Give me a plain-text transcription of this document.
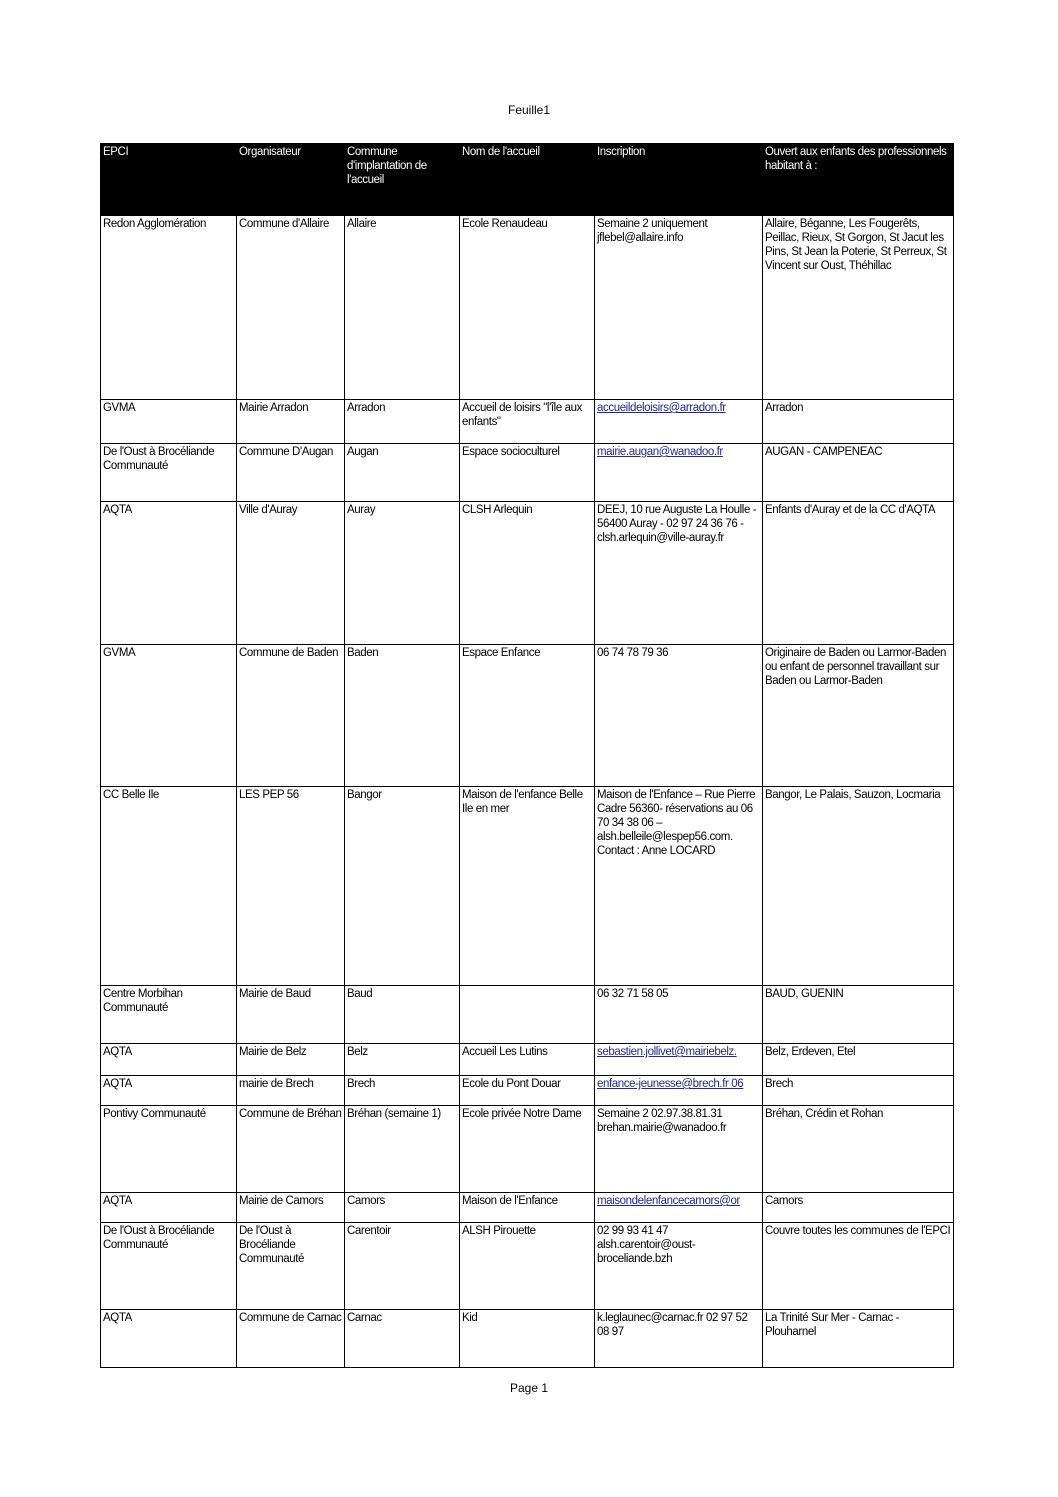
Feuille1
EPCI	Organisateur	Commune d'implantation de l'accueil	Nom de l'accueil	Inscription	Ouvert aux enfants des professionnels habitant à :
Redon Agglomération	Commune d'Allaire	Allaire	Ecole Renaudeau	Semaine 2 uniquement jflebel@allaire.info	Allaire, Béganne, Les Fougerêts, Peillac, Rieux, St Gorgon, St Jacut les Pins, St Jean la Poterie, St Perreux, St Vincent sur Oust, Théhillac
GVMA	Mairie Arradon	Arradon	Accueil de loisirs "l'île aux enfants"	accueildeloisirs@arradon.fr	Arradon
De l'Oust à Brocéliande Communauté	Commune D'Augan	Augan	Espace socioculturel	mairie.augan@wanadoo.fr	AUGAN - CAMPENEAC
AQTA	Ville d'Auray	Auray	CLSH Arlequin	DEEJ, 10 rue Auguste La Houlle - 56400 Auray - 02 97 24 36 76 - clsh.arlequin@ville-auray.fr	Enfants d'Auray et de la CC d'AQTA
GVMA	Commune de Baden	Baden	Espace Enfance	06 74 78 79 36	Originaire de Baden ou Larmor-Baden ou enfant de personnel travaillant sur Baden ou Larmor-Baden
CC Belle Ile	LES PEP 56	Bangor	Maison de l'enfance Belle Ile en mer	Maison de l'Enfance – Rue Pierre Cadre 56360- réservations au 06 70 34 38 06 – alsh.belleile@lespep56.com. Contact : Anne LOCARD	Bangor, Le Palais, Sauzon, Locmaria
Centre Morbihan Communauté	Mairie de Baud	Baud		06 32 71 58 05	BAUD, GUENIN
AQTA	Mairie de Belz	Belz	Accueil Les Lutins	sebastien.jollivet@mairiebelz.	Belz, Erdeven, Etel
AQTA	mairie de Brech	Brech	Ecole du Pont Douar	enfance-jeunesse@brech.fr 06	Brech
Pontivy Communauté	Commune de Bréhan	Bréhan (semaine 1)	Ecole privée Notre Dame	Semaine 2 02.97.38.81.31 brehan.mairie@wanadoo.fr	Bréhan, Crédin et Rohan
AQTA	Mairie de Camors	Camors	Maison de l'Enfance	maisondelenfancecamors@or	Camors
De l'Oust à Brocéliande Communauté	De l'Oust à Brocéliande Communauté	Carentoir	ALSH Pirouette	02 99 93 41 47 alsh.carentoir@oust-broceliande.bzh	Couvre toutes les communes de l'EPCI
AQTA	Commune de Carnac	Carnac	Kid	k.leglaunec@carnac.fr 02 97 52 08 97	La Trinité Sur Mer - Carnac - Plouharnel
Page 1
